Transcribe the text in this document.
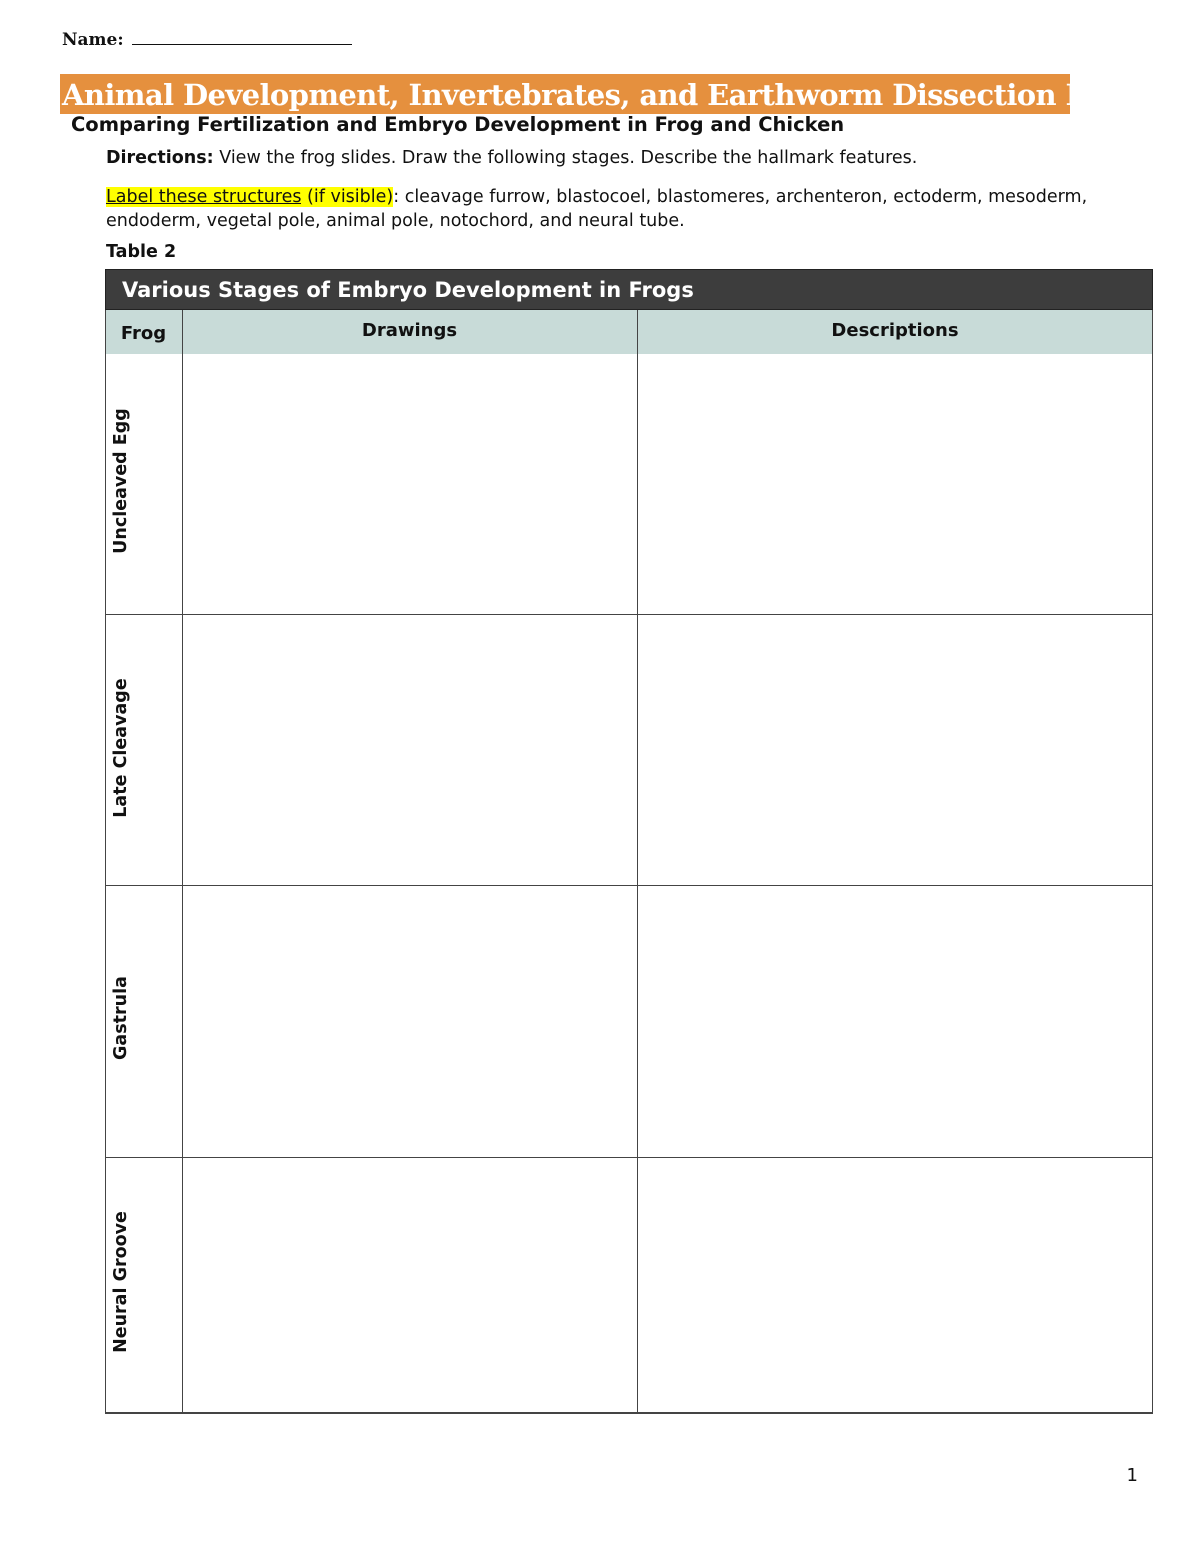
Name:
Animal Development, Invertebrates, and Earthworm Dissection Lab
Comparing Fertilization and Embryo Development in Frog and Chicken
Directions: View the frog slides. Draw the following stages. Describe the hallmark features.
Label these structures (if visible): cleavage furrow, blastocoel, blastomeres, archenteron, ectoderm, mesoderm, endoderm, vegetal pole, animal pole, notochord, and neural tube.
Table 2
Various Stages of Embryo Development in Frogs
Frog	Drawings	Descriptions
Uncleaved Egg
Late Cleavage
Gastrula
Neural Groove
1
